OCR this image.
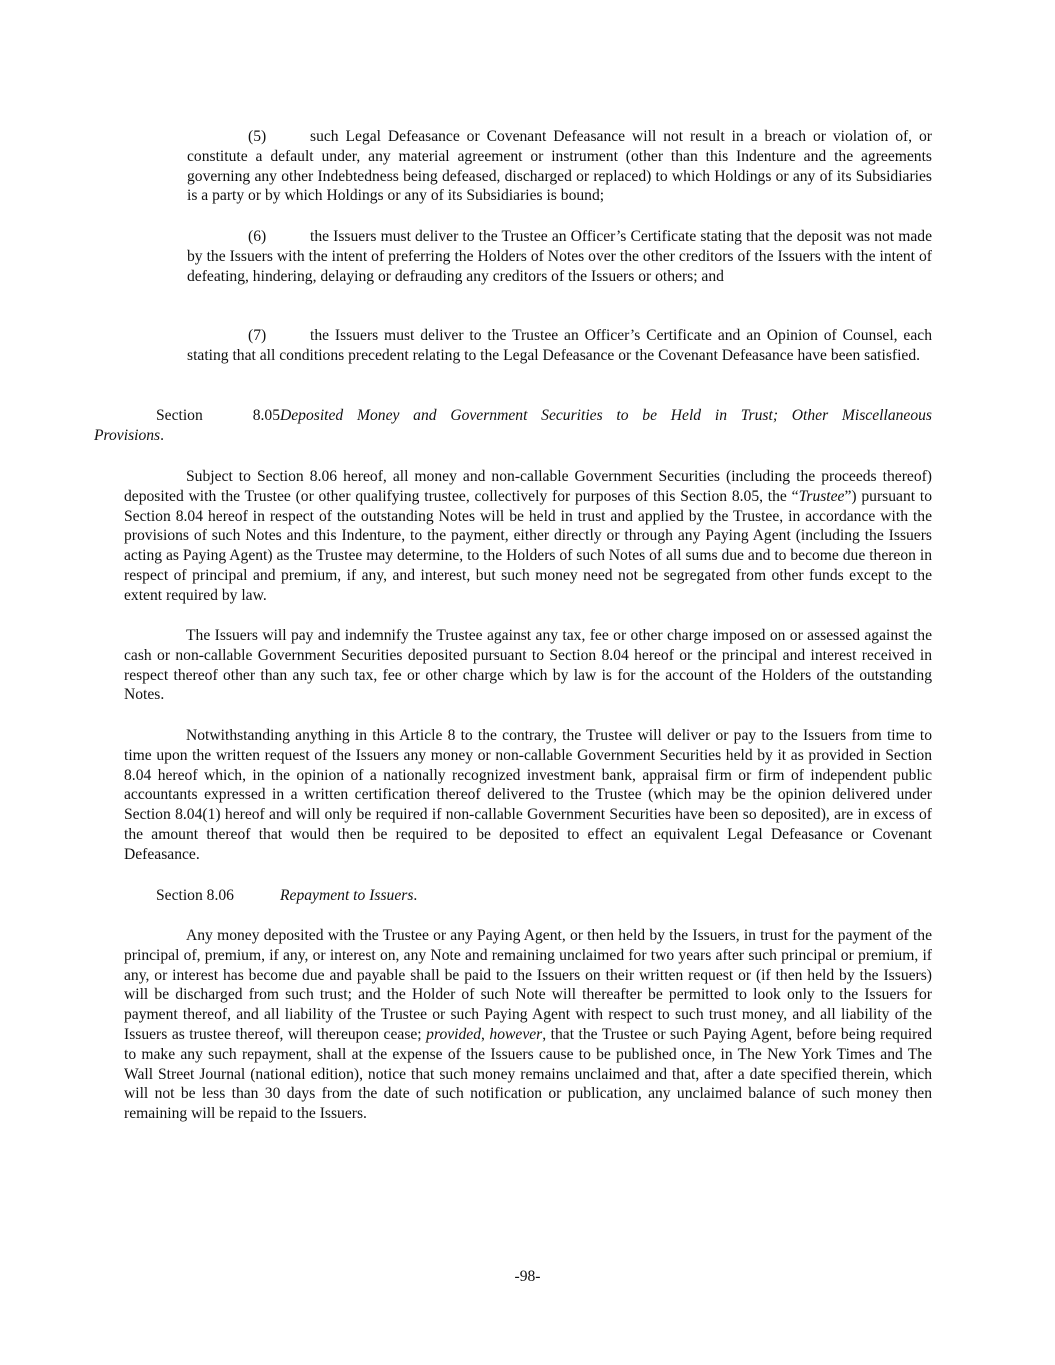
(5)	such Legal Defeasance or Covenant Defeasance will not result in a breach or violation of, or constitute a default under, any material agreement or instrument (other than this Indenture and the agreements governing any other Indebtedness being defeased, discharged or replaced) to which Holdings or any of its Subsidiaries is a party or by which Holdings or any of its Subsidiaries is bound;

(6)	the Issuers must deliver to the Trustee an Officer’s Certificate stating that the deposit was not made by the Issuers with the intent of preferring the Holders of Notes over the other creditors of the Issuers with the intent of defeating, hindering, delaying or defrauding any creditors of the Issuers or others; and

(7)	the Issuers must deliver to the Trustee an Officer’s Certificate and an Opinion of Counsel, each stating that all conditions precedent relating to the Legal Defeasance or the Covenant Defeasance have been satisfied.

Section 8.05Deposited Money and Government Securities to be Held in Trust; Other Miscellaneous
Provisions.

Subject to Section 8.06 hereof, all money and non-callable Government Securities (including the proceeds thereof) deposited with the Trustee (or other qualifying trustee, collectively for purposes of this Section 8.05, the “Trustee”) pursuant to Section 8.04 hereof in respect of the outstanding Notes will be held in trust and applied by the Trustee, in accordance with the provisions of such Notes and this Indenture, to the payment, either directly or through any Paying Agent (including the Issuers acting as Paying Agent) as the Trustee may determine, to the Holders of such Notes of all sums due and to become due thereon in respect of principal and premium, if any, and interest, but such money need not be segregated from other funds except to the extent required by law.

The Issuers will pay and indemnify the Trustee against any tax, fee or other charge imposed on or assessed against the cash or non-callable Government Securities deposited pursuant to Section 8.04 hereof or the principal and interest received in respect thereof other than any such tax, fee or other charge which by law is for the account of the Holders of the outstanding Notes.

Notwithstanding anything in this Article 8 to the contrary, the Trustee will deliver or pay to the Issuers from time to time upon the written request of the Issuers any money or non-callable Government Securities held by it as provided in Section 8.04 hereof which, in the opinion of a nationally recognized investment bank, appraisal firm or firm of independent public accountants expressed in a written certification thereof delivered to the Trustee (which may be the opinion delivered under Section 8.04(1) hereof and will only be required if non-callable Government Securities have been so deposited), are in excess of the amount thereof that would then be required to be deposited to effect an equivalent Legal Defeasance or Covenant Defeasance.

Section 8.06	Repayment to Issuers.

Any money deposited with the Trustee or any Paying Agent, or then held by the Issuers, in trust for the payment of the principal of, premium, if any, or interest on, any Note and remaining unclaimed for two years after such principal or premium, if any, or interest has become due and payable shall be paid to the Issuers on their written request or (if then held by the Issuers) will be discharged from such trust; and the Holder of such Note will thereafter be permitted to look only to the Issuers for payment thereof, and all liability of the Trustee or such Paying Agent with respect to such trust money, and all liability of the Issuers as trustee thereof, will thereupon cease; provided, however, that the Trustee or such Paying Agent, before being required to make any such repayment, shall at the expense of the Issuers cause to be published once, in The New York Times and The Wall Street Journal (national edition), notice that such money remains unclaimed and that, after a date specified therein, which will not be less than 30 days from the date of such notification or publication, any unclaimed balance of such money then remaining will be repaid to the Issuers.

-98-
